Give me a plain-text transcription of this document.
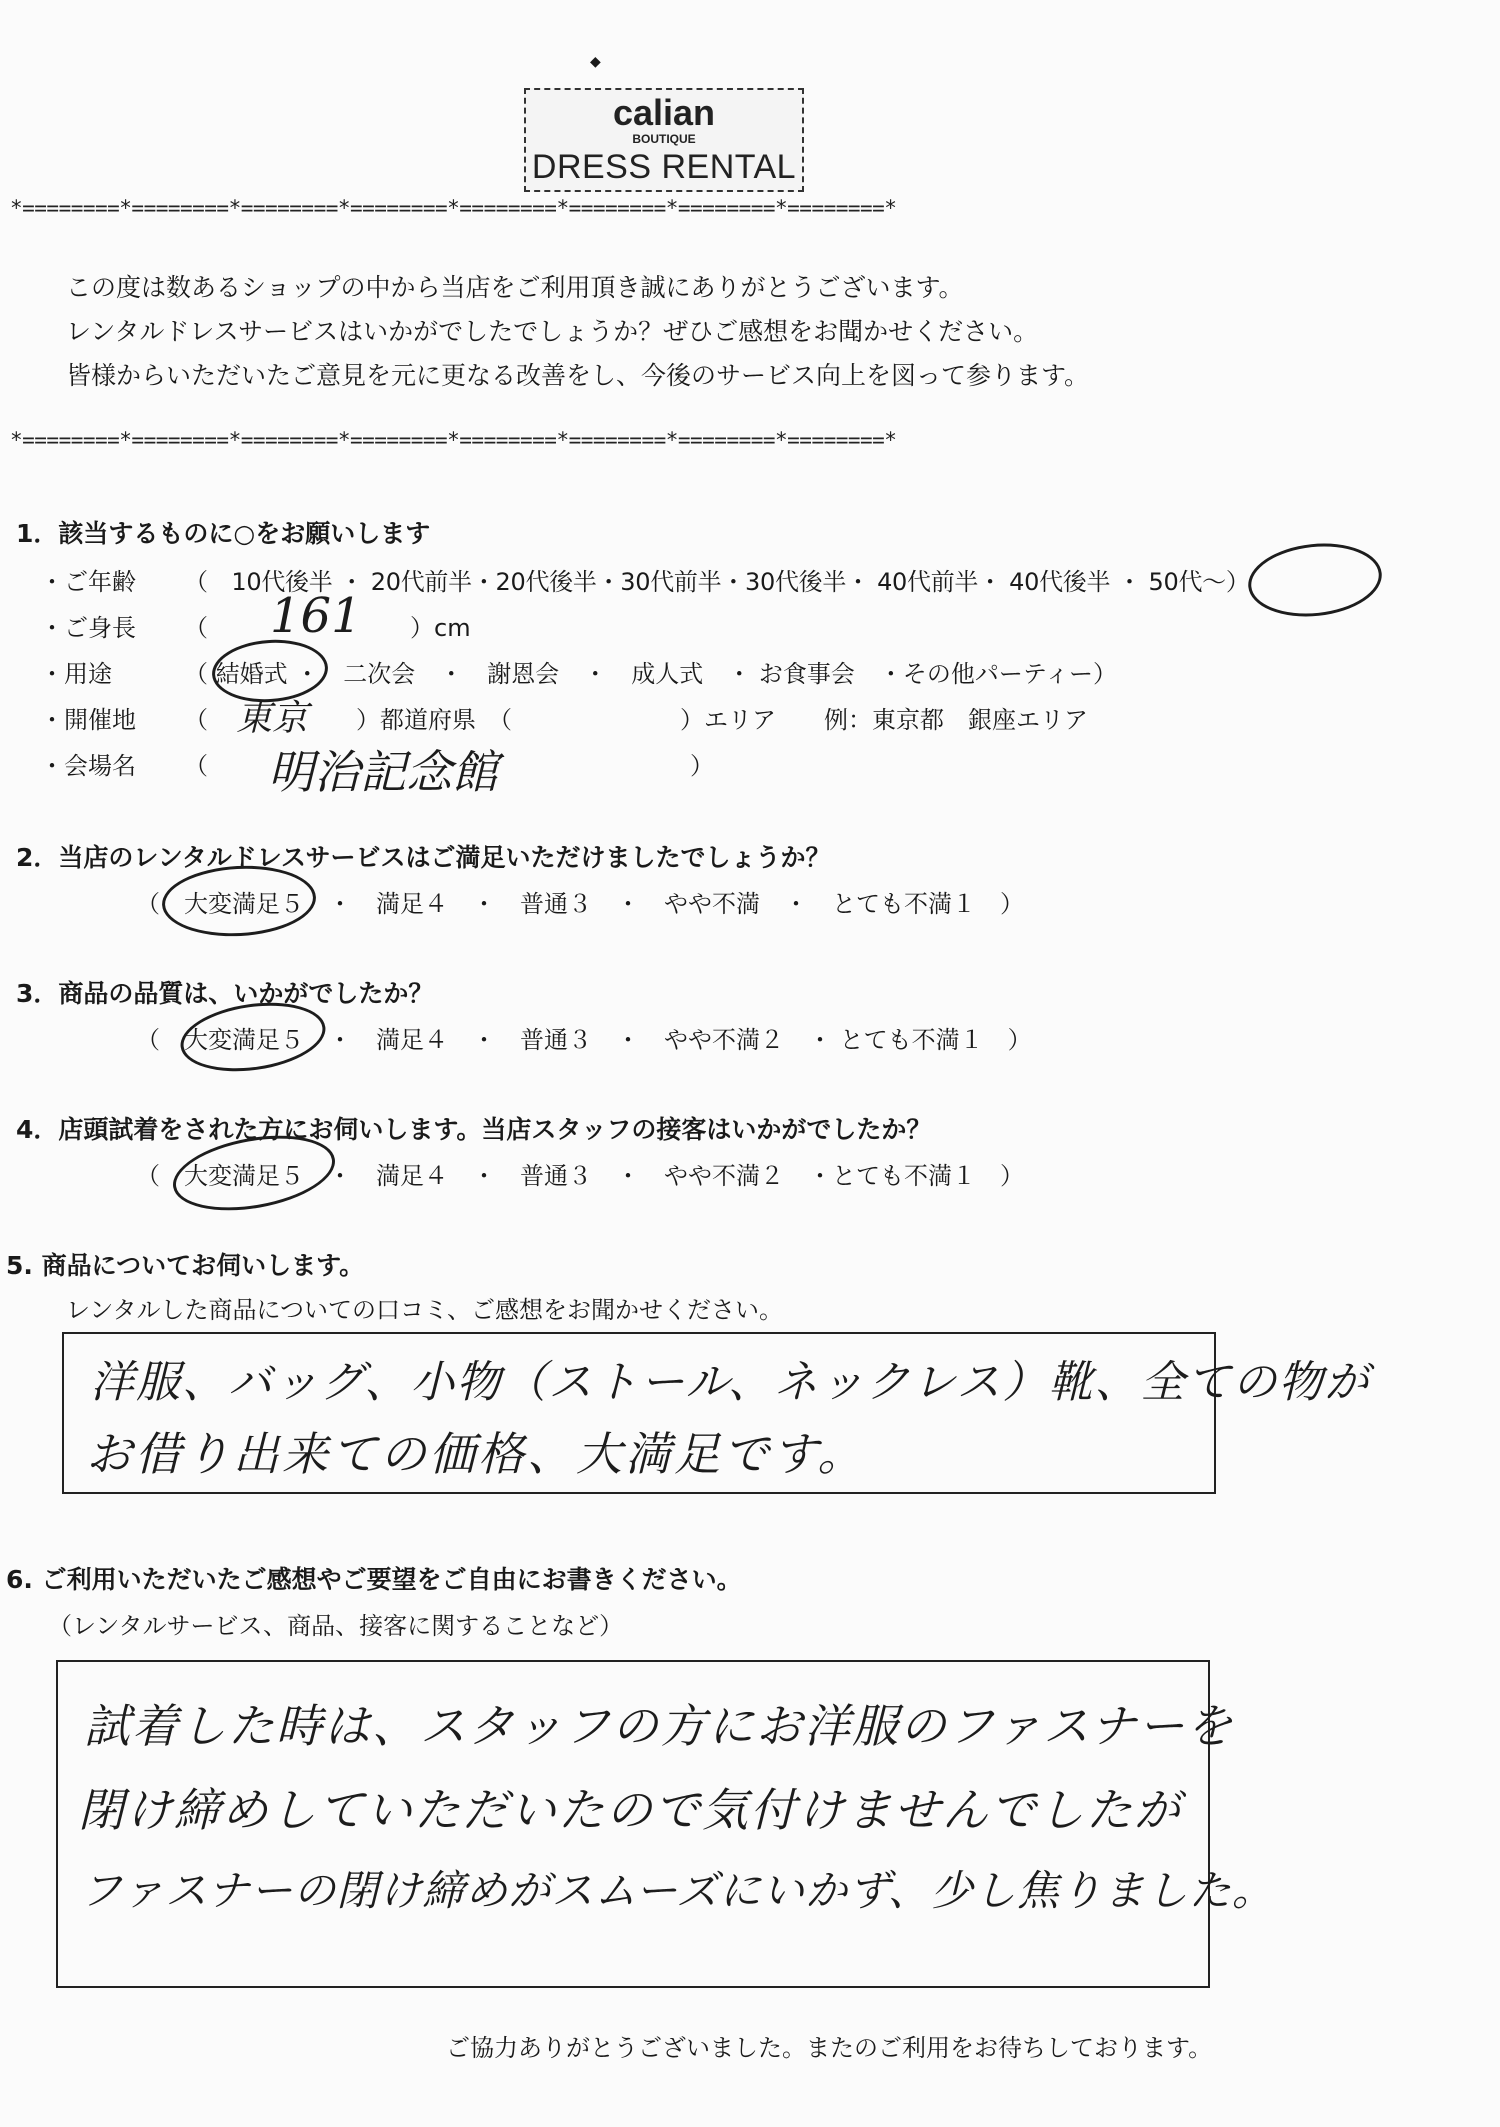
calian
BOUTIQUE
DRESS RENTAL
◆
*========*========*========*========*========*========*========*========*
*========*========*========*========*========*========*========*========*
この度は数あるショップの中から当店をご利用頂き誠にありがとうございます。
レンタルドレスサービスはいかがでしたでしょうか？ぜひご感想をお聞かせください。
皆様からいただいたご意見を元に更なる改善をし、今後のサービス向上を図って参ります。
1．該当するものに○をお願いします
・ご年齢 （　10代後半 ・ 20代前半・20代後半・30代前半・30代後半・ 40代前半・ 40代後半 ・ 50代～）
・ご身長 （ 161 ）cm
・用途	（ 結婚式 ・　二次会　・　謝恩会　・　成人式　・ お食事会　・その他パーティー）
・開催地 （ 東京 ）都道府県　（　　　　　　　）エリア　　例：東京都　銀座エリア
・会場名 （ 明治記念館	）
2．当店のレンタルドレスサービスはご満足いただけましたでしょうか？
（　大変満足５　・　満足４　・　普通３　・　やや不満　・　とても不満１　）
3．商品の品質は、いかがでしたか？
（　大変満足５　・　満足４　・　普通３　・　やや不満２　・ とても不満１　）
4．店頭試着をされた方にお伺いします。当店スタッフの接客はいかがでしたか？
（　大変満足５　・　満足４　・　普通３　・　やや不満２　・とても不満１　）
5. 商品についてお伺いします。
レンタルした商品についての口コミ、ご感想をお聞かせください。
洋服、バッグ、小物（ストール、ネックレス）靴、全ての物が
お借り出来ての価格、大満足です。
6. ご利用いただいたご感想やご要望をご自由にお書きください。
（レンタルサービス、商品、接客に関することなど）
試着した時は、スタッフの方にお洋服のファスナーを
閉け締めしていただいたので気付けませんでしたが
ファスナーの閉け締めがスムーズにいかず、少し焦りました。
ご協力ありがとうございました。またのご利用をお待ちしております。
